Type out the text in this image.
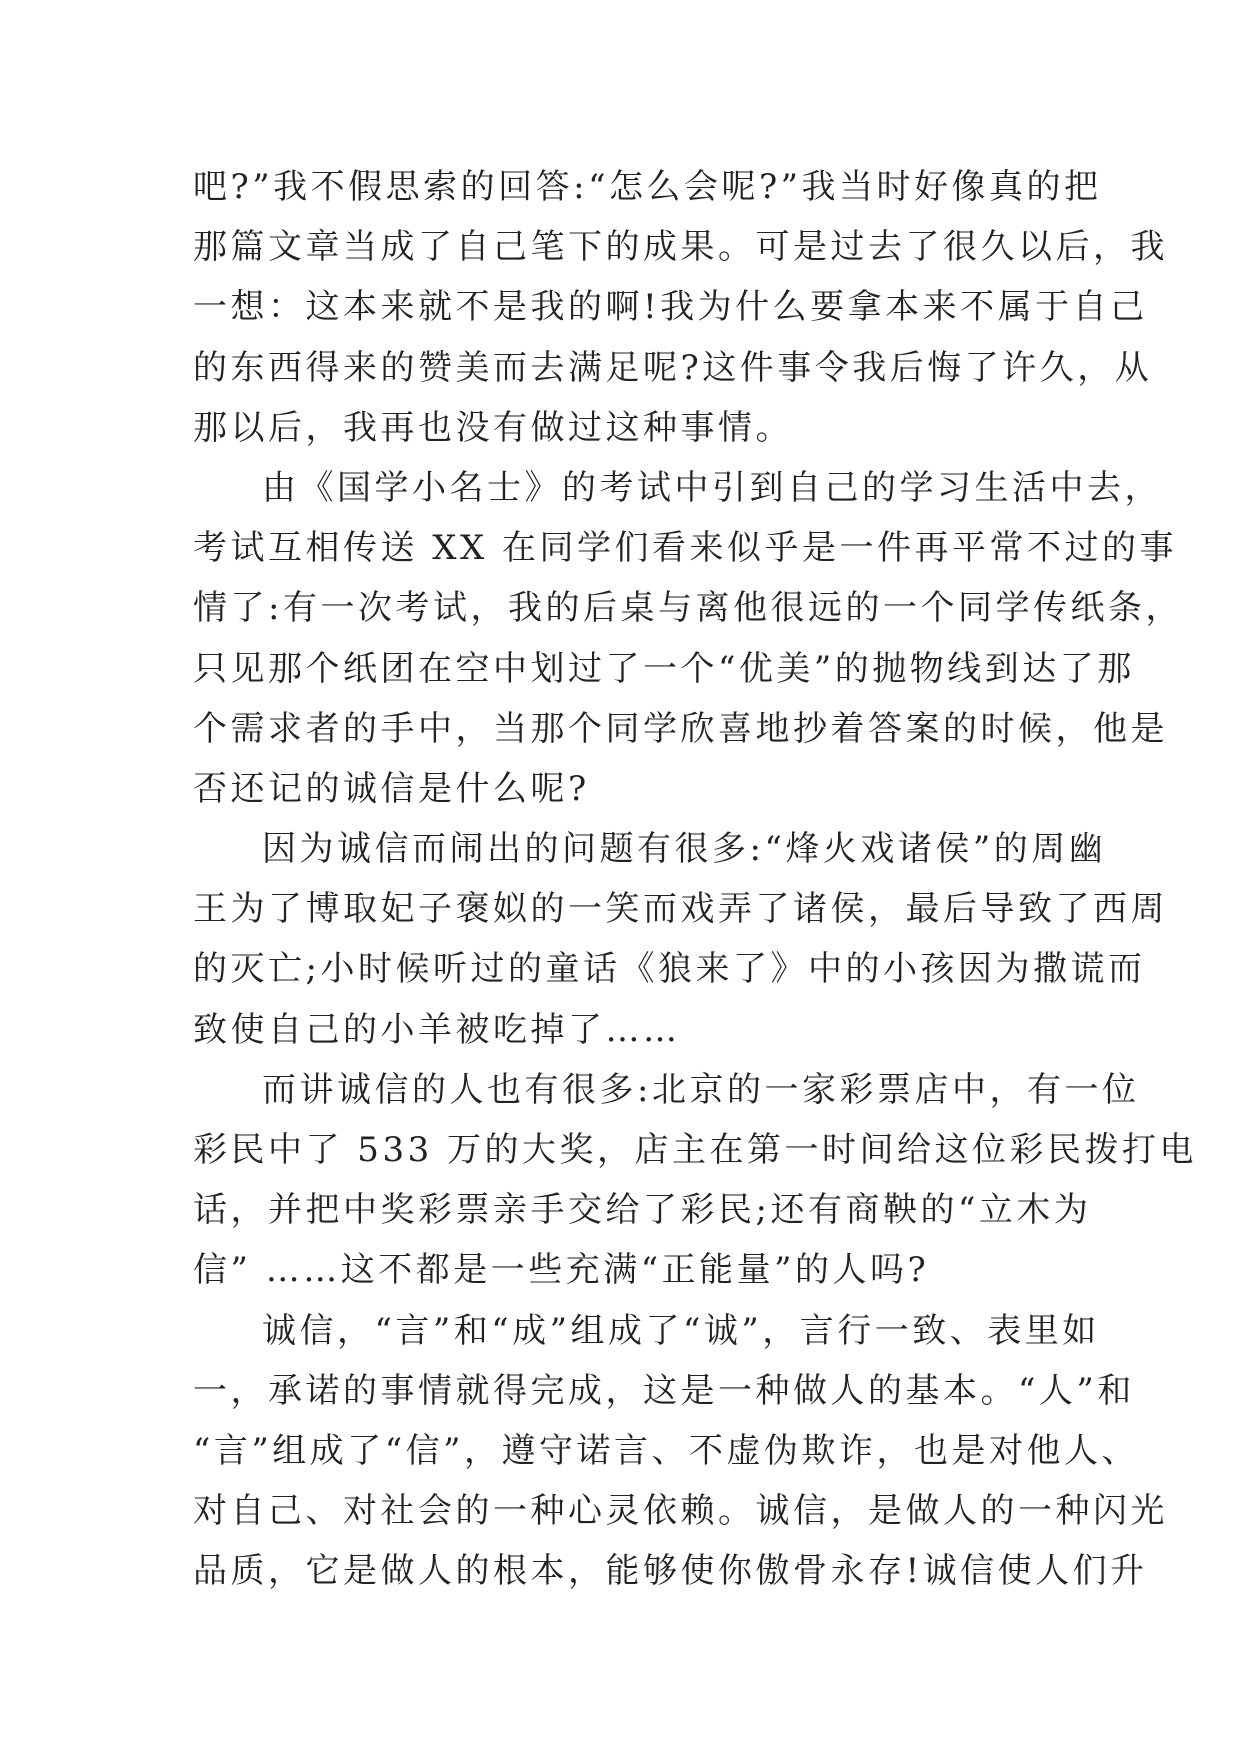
吧?”我不假思索的回答:“怎么会呢?”我当时好像真的把
那篇文章当成了自己笔下的成果。可是过去了很久以后，我
一想：这本来就不是我的啊!我为什么要拿本来不属于自己
的东西得来的赞美而去满足呢?这件事令我后悔了许久，从
那以后，我再也没有做过这种事情。
由《国学小名士》的考试中引到自己的学习生活中去，
考试互相传送 XX 在同学们看来似乎是一件再平常不过的事
情了:有一次考试，我的后桌与离他很远的一个同学传纸条，
只见那个纸团在空中划过了一个“优美”的抛物线到达了那
个需求者的手中，当那个同学欣喜地抄着答案的时候，他是
否还记的诚信是什么呢?
因为诚信而闹出的问题有很多:“烽火戏诸侯”的周幽
王为了博取妃子褒姒的一笑而戏弄了诸侯，最后导致了西周
的灭亡;小时候听过的童话《狼来了》中的小孩因为撒谎而
致使自己的小羊被吃掉了……
而讲诚信的人也有很多:北京的一家彩票店中，有一位
彩民中了 533 万的大奖，店主在第一时间给这位彩民拨打电
话，并把中奖彩票亲手交给了彩民;还有商鞅的“立木为
信” ……这不都是一些充满“正能量”的人吗?
诚信，“言”和“成”组成了“诚”，言行一致、表里如
一，承诺的事情就得完成，这是一种做人的基本。“人”和
“言”组成了“信”，遵守诺言、不虚伪欺诈，也是对他人、
对自己、对社会的一种心灵依赖。诚信，是做人的一种闪光
品质，它是做人的根本，能够使你傲骨永存!诚信使人们升
